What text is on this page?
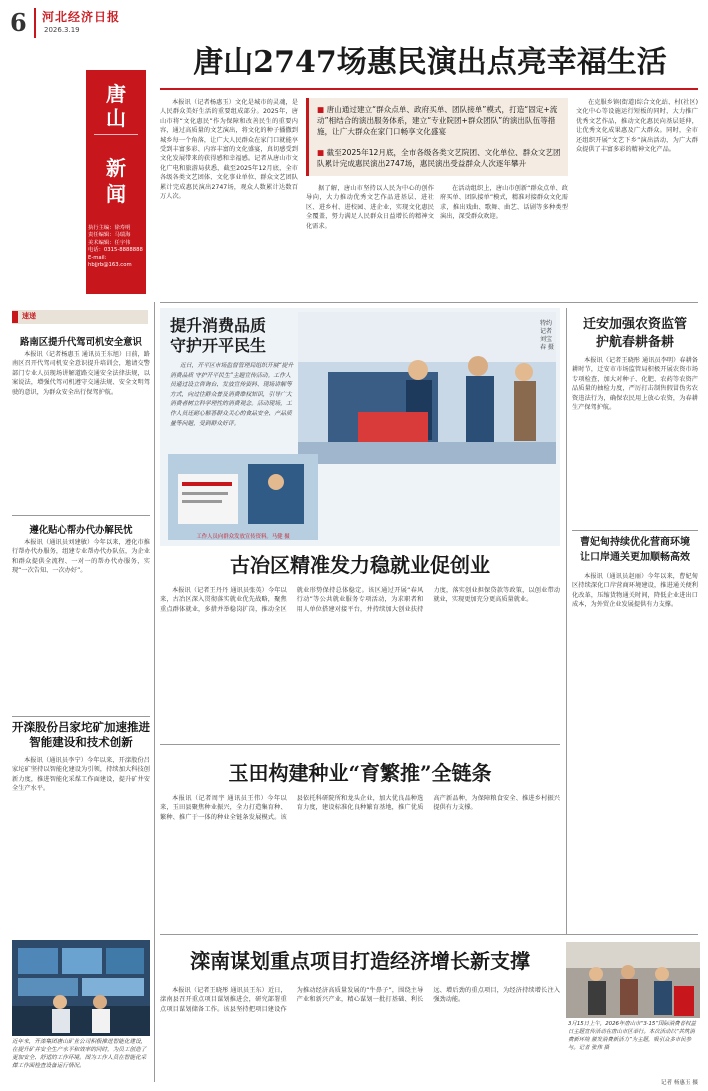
6	河北经济日报
2026.3.19
唐山2747场惠民演出点亮幸福生活
唐
山
新
闻
执行主编：徐寿明
责任编辑：马瑞海
美术编辑：任宇伟
电话：0315-8888888
E-mail: hbjjrb@163.com
本报讯（记者杨惠玉）文化是城市的灵魂，是人民群众美好生活的重要组成部分。2025年，唐山市将“文化惠民”作为保障和改善民生的重要内容，通过高质量的文艺演出，将文化的种子播撒到城乡每一个角落，让广大人民群众在家门口就能享受到丰富多彩、内容丰富的文化盛宴，真切感受到文化发展带来的获得感和幸福感。记者从唐山市文化广电和旅游局获悉，截至2025年12月底，全市各级各类文艺团体、文化事业单位、群众文艺团队累计完成惠民演出2747场，观众人数累计达数百万人次。
■ 唐山通过建立“群众点单、政府买单、团队接单”模式，打造“固定+流动”相结合的演出服务体系，建立“专业院团+群众团队”的演出队伍等措施，让广大群众在家门口畅享文化盛宴
■ 截至2025年12月底，全市各级各类文艺院团、文化单位、群众文艺团队累计完成惠民演出2747场，惠民演出受益群众人次逐年攀升
据了解，唐山市坚持以人民为中心的创作导向，大力推动优秀文艺作品进基层、进社区、进乡村、进校园、进企业，实现文化惠民全覆盖，努力满足人民群众日益增长的精神文化需求。
在活动组织上，唐山市创新“群众点单、政府买单、团队接单”模式，精准对接群众文化需求，推出戏曲、歌舞、曲艺、话剧等多种类型演出，深受群众欢迎。
在克服乡镇(街道)综合文化站、村(社区)文化中心等设施运行短板的同时，大力推广优秀文艺作品，推动文化惠民向基层延伸，让优秀文化成果惠及广大群众。同时，全市还组织开展“文艺下乡”演出活动，为广大群众提供了丰富多彩的精神文化产品。
速递
路南区提升代驾司机安全意识
本报讯（记者杨惠玉 通讯员王东旭）日前，路南区召开代驾司机安全意识提升培训会，邀请交警部门专业人员现场讲解道路交通安全法律法规，以案说法，增强代驾司机遵守交通法规、安全文明驾驶的意识，为群众安全出行保驾护航。
遵化贴心帮办代办解民忧
本报讯（通讯员刘建敏）今年以来，遵化市推行帮办代办服务，组建专业帮办代办队伍，为企业和群众提供全流程、一对一的帮办代办服务，实现“一次告知、一次办好”。
开滦股份吕家坨矿加速推进智能建设和技术创新
本报讯（通讯员李宁）今年以来，开滦股份吕家坨矿坚持以智能化建设为引领，持续加大科技创新力度，推进智能化采煤工作面建设，提升矿井安全生产水平。
近年来，开滦集团唐山矿业公司积极推进智能化建设，在提升矿井安全生产水平和效率的同时，为员工创造了更加安全、舒适的工作环境。图为工作人员在智能化采煤工作面检查设备运行情况。
提升消费品质
守护开平民生
近日，开平区市场监督管理局组织开展“提升消费品质 守护开平民生”主题宣传活动。工作人员通过设立咨询台、发放宣传资料、现场讲解等方式，向过往群众普及消费维权知识，引导广大消费者树立科学理性的消费观念。活动现场，工作人员还耐心解答群众关心的食品安全、产品质量等问题，受到群众好评。
特约记者 刘宝春 摄
工作人员向群众发放宣传资料。马健 摄
古冶区精准发力稳就业促创业
本报讯（记者王丹丹 通讯员张英）今年以来，古冶区深入贯彻落实就业优先战略，聚焦重点群体就业，多措并举稳岗扩岗，推动全区就业形势保持总体稳定。该区通过开展“春风行动”等公共就业服务专项活动，为求职者和用人单位搭建对接平台，并持续加大创业扶持力度，落实创业担保贷款等政策，以创业带动就业，实现更加充分更高质量就业。
玉田构建种业“育繁推”全链条
本报讯（记者周宇 通讯员王伟）今年以来，玉田县聚焦种业振兴，全力打造集育种、繁种、推广于一体的种业全链条发展模式。该县依托科研院所和龙头企业，加大优良品种选育力度，建设标准化良种繁育基地，推广优质高产新品种，为保障粮食安全、推进乡村振兴提供有力支撑。
滦南谋划重点项目打造经济增长新支撑
本报讯（记者王晓彤 通讯员王东）近日，滦南县召开重点项目谋划推进会，研究部署重点项目谋划储备工作。该县坚持把项目建设作为推动经济高质量发展的“牛鼻子”，围绕主导产业和新兴产业，精心谋划一批打基础、利长远、增后劲的重点项目，为经济持续增长注入强劲动能。
迁安加强农资监管
护航春耕备耕
本报讯（记者王晓彤 通讯员李明）春耕备耕时节，迁安市市场监管局积极开展农资市场专项检查，加大对种子、化肥、农药等农资产品质量的抽检力度，严厉打击制售假冒伪劣农资违法行为，确保农民用上放心农资，为春耕生产保驾护航。
曹妃甸持续优化营商环境
让口岸通关更加顺畅高效
本报讯（通讯员赵丽）今年以来，曹妃甸区持续深化口岸营商环境建设，推进通关便利化改革，压缩货物通关时间，降低企业进出口成本，为外贸企业发展提供有力支撑。
3月15日上午，2026年唐山市“3·15”国际消费者权益日主题宣传活动在唐山市区举行。本次活动以“共筑消费新环境 激发消费新活力”为主题，吸引众多市民参与。记者 张伟 摄
记者 杨惠玉 摄
